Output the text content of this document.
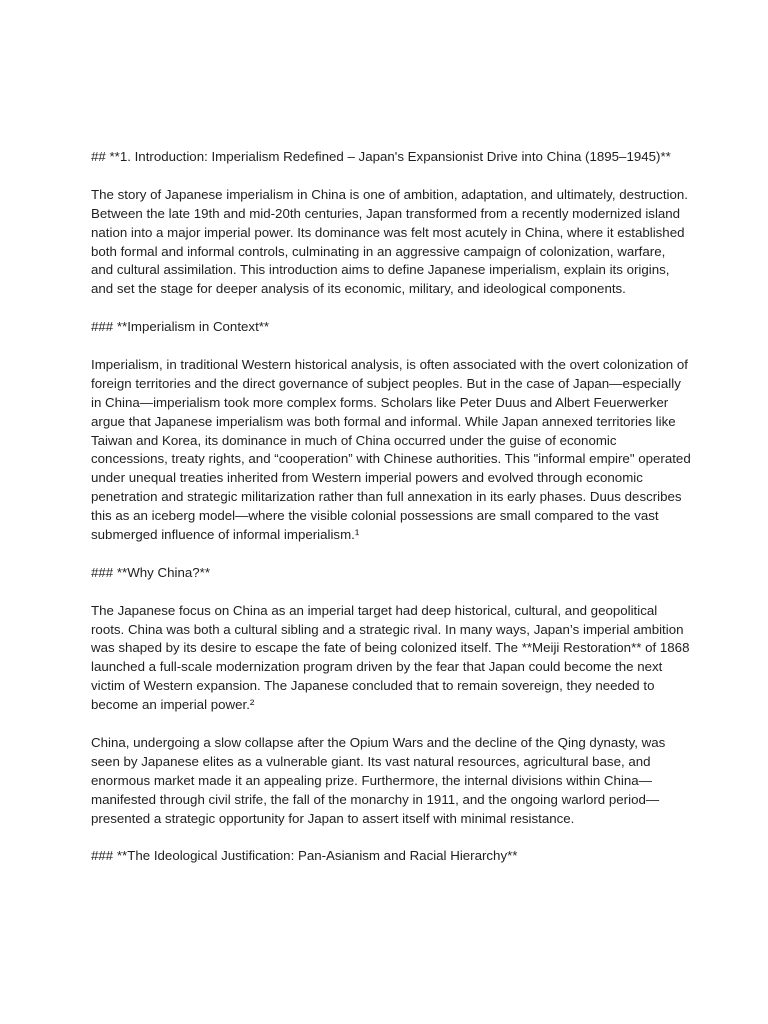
## **1. Introduction: Imperialism Redefined – Japan's Expansionist Drive into China (1895–1945)**

The story of Japanese imperialism in China is one of ambition, adaptation, and ultimately, destruction. Between the late 19th and mid-20th centuries, Japan transformed from a recently modernized island nation into a major imperial power. Its dominance was felt most acutely in China, where it established both formal and informal controls, culminating in an aggressive campaign of colonization, warfare, and cultural assimilation. This introduction aims to define Japanese imperialism, explain its origins, and set the stage for deeper analysis of its economic, military, and ideological components.

### **Imperialism in Context**

Imperialism, in traditional Western historical analysis, is often associated with the overt colonization of foreign territories and the direct governance of subject peoples. But in the case of Japan—especially in China—imperialism took more complex forms. Scholars like Peter Duus and Albert Feuerwerker argue that Japanese imperialism was both formal and informal. While Japan annexed territories like Taiwan and Korea, its dominance in much of China occurred under the guise of economic concessions, treaty rights, and “cooperation” with Chinese authorities. This "informal empire" operated under unequal treaties inherited from Western imperial powers and evolved through economic penetration and strategic militarization rather than full annexation in its early phases. Duus describes this as an iceberg model—where the visible colonial possessions are small compared to the vast submerged influence of informal imperialism.¹

### **Why China?**

The Japanese focus on China as an imperial target had deep historical, cultural, and geopolitical roots. China was both a cultural sibling and a strategic rival. In many ways, Japan’s imperial ambition was shaped by its desire to escape the fate of being colonized itself. The **Meiji Restoration** of 1868 launched a full-scale modernization program driven by the fear that Japan could become the next victim of Western expansion. The Japanese concluded that to remain sovereign, they needed to become an imperial power.²

China, undergoing a slow collapse after the Opium Wars and the decline of the Qing dynasty, was seen by Japanese elites as a vulnerable giant. Its vast natural resources, agricultural base, and enormous market made it an appealing prize. Furthermore, the internal divisions within China—manifested through civil strife, the fall of the monarchy in 1911, and the ongoing warlord period—presented a strategic opportunity for Japan to assert itself with minimal resistance.

### **The Ideological Justification: Pan-Asianism and Racial Hierarchy**
